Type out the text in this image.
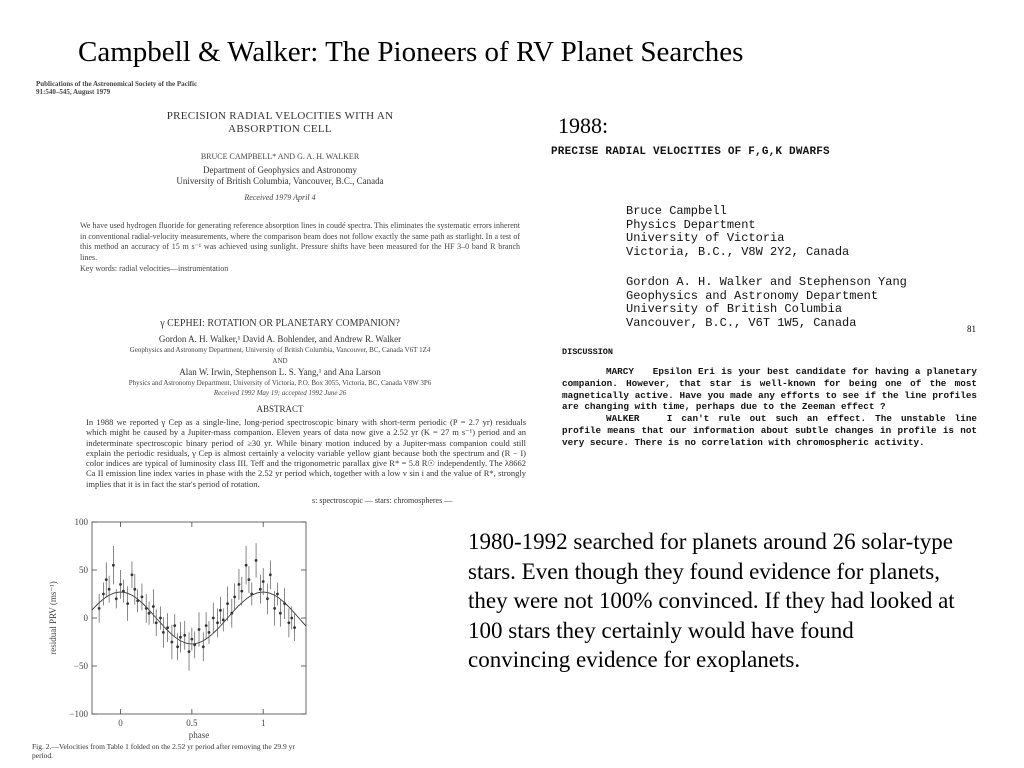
Campbell & Walker: The Pioneers of RV Planet Searches
Publications of the Astronomical Society of the Pacific
91:540–545, August 1979
PRECISION RADIAL VELOCITIES WITH AN ABSORPTION CELL
BRUCE CAMPBELL* AND G. A. H. WALKER
Department of Geophysics and Astronomy
University of British Columbia, Vancouver, B.C., Canada
Received 1979 April 4
We have used hydrogen fluoride for generating reference absorption lines in coudé spectra. This eliminates the systematic errors inherent in conventional radial-velocity measurements, where the comparison beam does not follow exactly the same path as starlight. In a test of this method an accuracy of 15 m s⁻¹ was achieved using sunlight. Pressure shifts have been measured for the HF 3–0 band R branch lines.
Key words: radial velocities—instrumentation
γ CEPHEI: ROTATION OR PLANETARY COMPANION?
Gordon A. H. Walker,¹ David A. Bohlender, and Andrew R. Walker
Geophysics and Astronomy Department, University of British Columbia, Vancouver, BC, Canada V6T 1Z4
AND
Alan W. Irwin, Stephenson L. S. Yang,¹ and Ana Larson
Physics and Astronomy Department, University of Victoria, P.O. Box 3055, Victoria, BC, Canada V8W 3P6
Received 1992 May 19; accepted 1992 June 26
ABSTRACT
In 1988 we reported γ Cep as a single-line, long-period spectroscopic binary with short-term periodic (P = 2.7 yr) residuals which might be caused by a Jupiter-mass companion. Eleven years of data now give a 2.52 yr (K = 27 m s⁻¹) period and an indeterminate spectroscopic binary period of ≥30 yr. While binary motion induced by a Jupiter-mass companion could still explain the periodic residuals, γ Cep is almost certainly a velocity variable yellow giant because both the spectrum and (R − I) color indices are typical of luminosity class III. Teff and the trigonometric parallax give R* = 5.8 R☉ independently. The λ8662 Ca II emission line index varies in phase with the 2.52 yr period which, together with a low v sin i and the value of R*, strongly implies that it is in fact the star's period of rotation.
s: spectroscopic — stars: chromospheres —
1988:
PRECISE RADIAL VELOCITIES OF F,G,K DWARFS
Bruce Campbell
Physics Department
University of Victoria
Victoria, B.C., V8W 2Y2, Canada
Gordon A. H. Walker and Stephenson Yang
Geophysics and Astronomy Department
University of British Columbia
Vancouver, B.C., V6T 1W5, Canada	81
DISCUSSION
MARCY Epsilon Eri is your best candidate for having a planetary companion. However, that star is well-known for being one of the most magnetically active. Have you made any efforts to see if the line profiles are changing with time, perhaps due to the Zeeman effect ?
WALKER	I can't rule out such an effect. The unstable line profile means that our information about subtle changes in profile is not very secure. There is no correlation with chromospheric activity.
100
50
0
−50
−100
0	0.5	1
phase
residual PRV (ms⁻¹)
Fig. 2.—Velocities from Table 1 folded on the 2.52 yr period after removing the 29.9 yr period.
1980-1992 searched for planets around 26 solar-type stars. Even though they found evidence for planets, they were not 100% convinced. If they had looked at 100 stars they certainly would have found convincing evidence for exoplanets.
